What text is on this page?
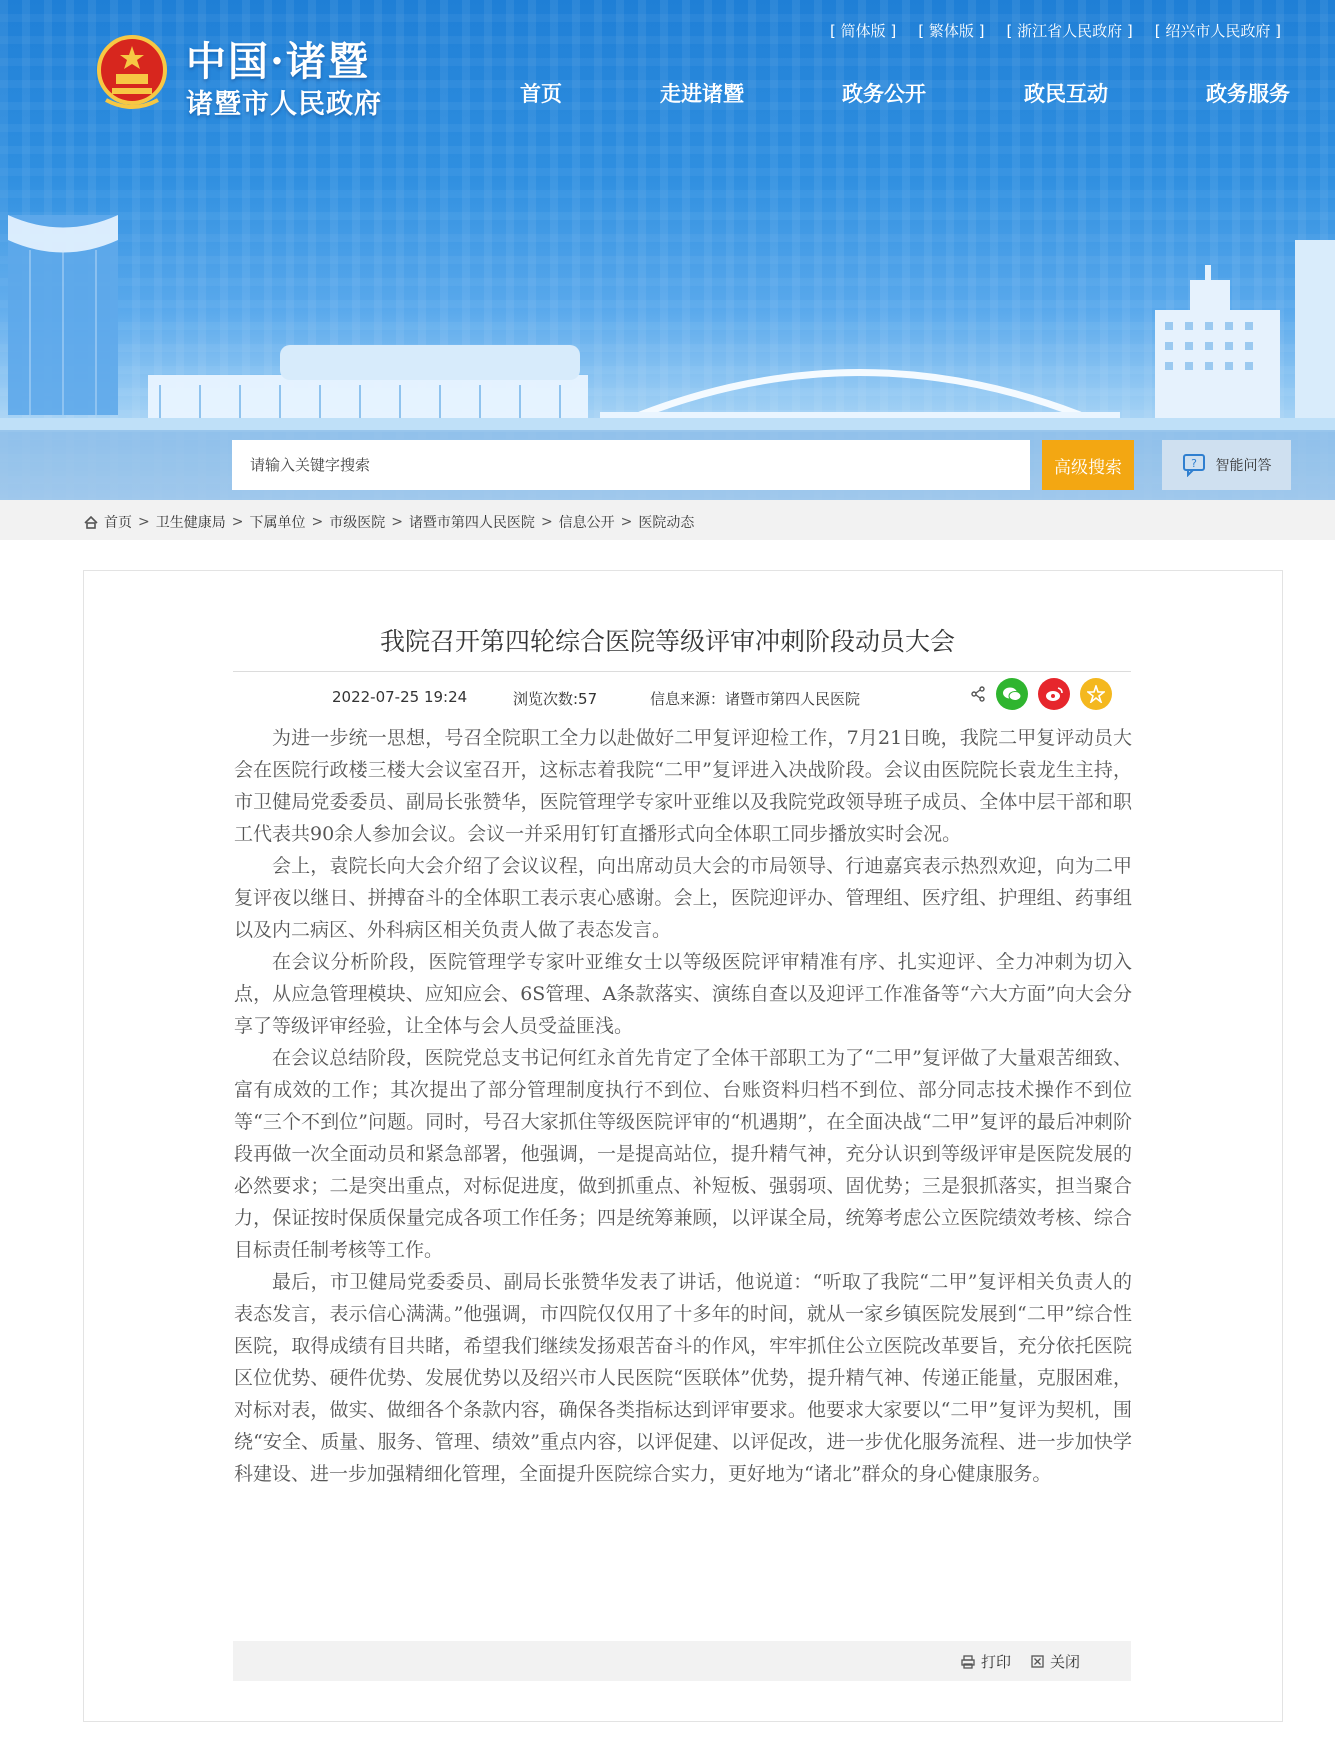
中国·诸暨
诸暨市人民政府
[ 简体版 ] [ 繁体版 ] [ 浙江省人民政府 ] [ 绍兴市人民政府 ]
首页	走进诸暨	政务公开	政民互动	政务服务
请输入关键字搜索
高级搜索	? 智能问答
首页 > 卫生健康局 > 下属单位 > 市级医院 > 诸暨市第四人民医院 > 信息公开 > 医院动态
我院召开第四轮综合医院等级评审冲刺阶段动员大会
2022-07-25 19:24	浏览次数:57	信息来源：诸暨市第四人民医院

为进一步统一思想，号召全院职工全力以赴做好二甲复评迎检工作，7月21日晚，我院二甲复评动员大会在医院行政楼三楼大会议室召开，这标志着我院“二甲”复评进入决战阶段。会议由医院院长袁龙生主持，市卫健局党委委员、副局长张赞华，医院管理学专家叶亚维以及我院党政领导班子成员、全体中层干部和职工代表共90余人参加会议。会议一并采用钉钉直播形式向全体职工同步播放实时会况。

会上，袁院长向大会介绍了会议议程，向出席动员大会的市局领导、行迪嘉宾表示热烈欢迎，向为二甲复评夜以继日、拼搏奋斗的全体职工表示衷心感谢。会上，医院迎评办、管理组、医疗组、护理组、药事组以及内二病区、外科病区相关负责人做了表态发言。

在会议分析阶段，医院管理学专家叶亚维女士以等级医院评审精准有序、扎实迎评、全力冲刺为切入点，从应急管理模块、应知应会、6S管理、A条款落实、演练自查以及迎评工作准备等“六大方面”向大会分享了等级评审经验，让全体与会人员受益匪浅。

在会议总结阶段，医院党总支书记何红永首先肯定了全体干部职工为了“二甲”复评做了大量艰苦细致、富有成效的工作；其次提出了部分管理制度执行不到位、台账资料归档不到位、部分同志技术操作不到位等“三个不到位”问题。同时，号召大家抓住等级医院评审的“机遇期”，在全面决战“二甲”复评的最后冲刺阶段再做一次全面动员和紧急部署，他强调，一是提高站位，提升精气神，充分认识到等级评审是医院发展的必然要求；二是突出重点，对标促进度，做到抓重点、补短板、强弱项、固优势；三是狠抓落实，担当聚合力，保证按时保质保量完成各项工作任务；四是统筹兼顾，以评谋全局，统筹考虑公立医院绩效考核、综合目标责任制考核等工作。

最后，市卫健局党委委员、副局长张赞华发表了讲话，他说道：“听取了我院“二甲”复评相关负责人的表态发言，表示信心满满。”他强调，市四院仅仅用了十多年的时间，就从一家乡镇医院发展到“二甲”综合性医院，取得成绩有目共睹，希望我们继续发扬艰苦奋斗的作风，牢牢抓住公立医院改革要旨，充分依托医院区位优势、硬件优势、发展优势以及绍兴市人民医院“医联体”优势，提升精气神、传递正能量，克服困难，对标对表，做实、做细各个条款内容，确保各类指标达到评审要求。他要求大家要以“二甲”复评为契机，围绕“安全、质量、服务、管理、绩效”重点内容，以评促建、以评促改，进一步优化服务流程、进一步加快学科建设、进一步加强精细化管理，全面提升医院综合实力，更好地为“诸北”群众的身心健康服务。

打印	关闭
